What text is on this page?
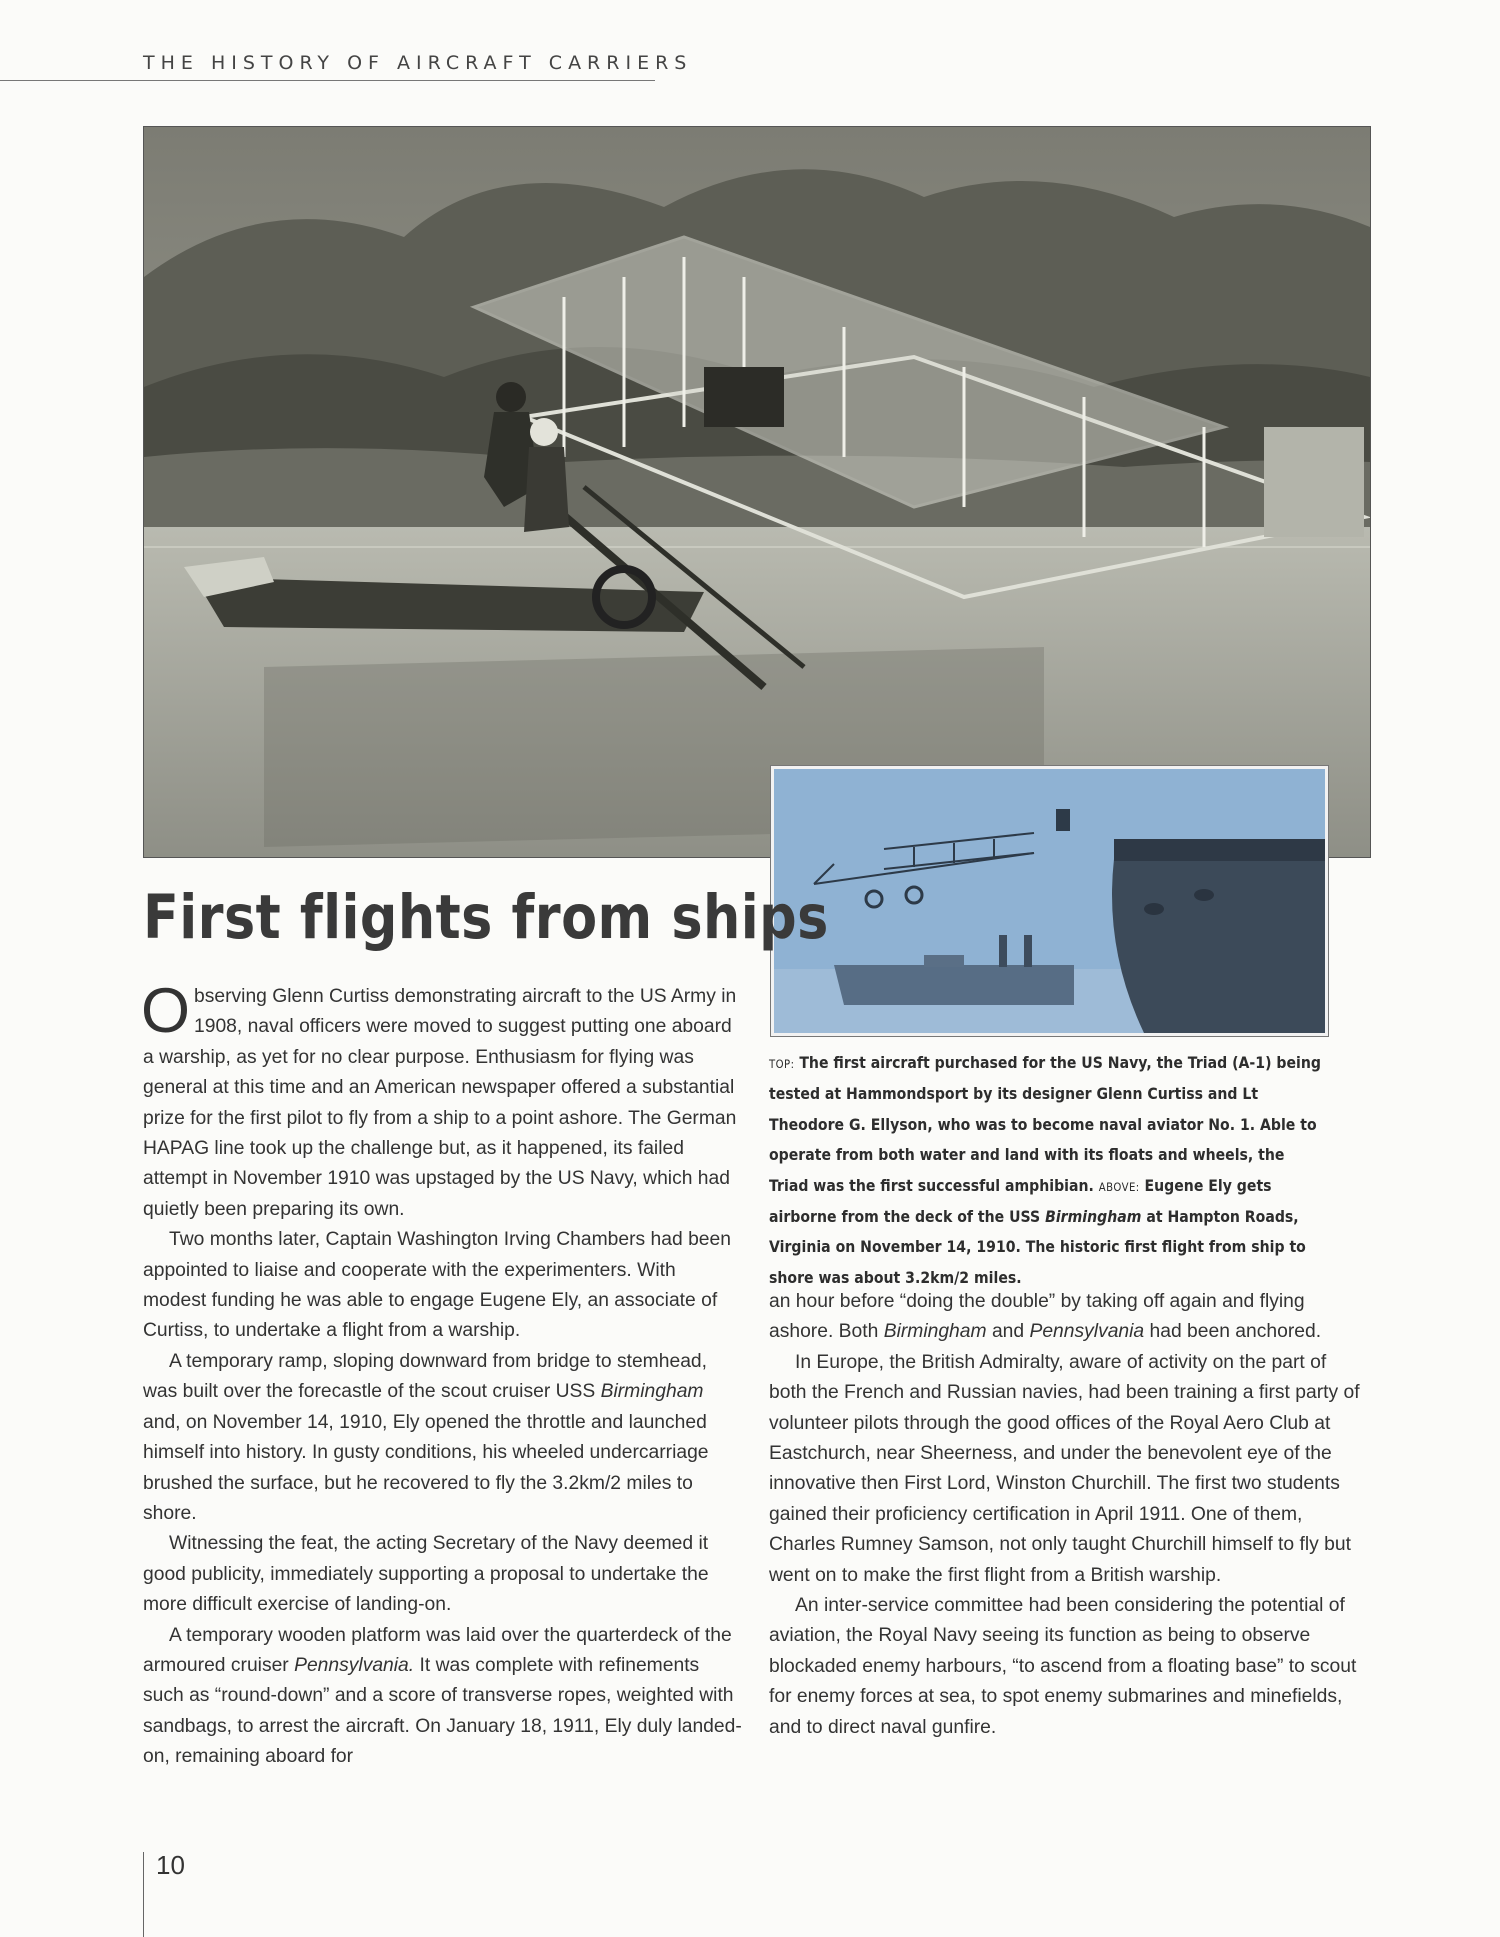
THE HISTORY OF AIRCRAFT CARRIERS
First flights from ships

Observing Glenn Curtiss demonstrating aircraft to the US Army in 1908, naval officers were moved to suggest putting one aboard a warship, as yet for no clear purpose. Enthusiasm for flying was general at this time and an American newspaper offered a substantial prize for the first pilot to fly from a ship to a point ashore. The German HAPAG line took up the challenge but, as it happened, its failed attempt in November 1910 was upstaged by the US Navy, which had quietly been preparing its own.

Two months later, Captain Washington Irving Chambers had been appointed to liaise and cooperate with the experimenters. With modest funding he was able to engage Eugene Ely, an associate of Curtiss, to undertake a flight from a warship.

A temporary ramp, sloping downward from bridge to stemhead, was built over the forecastle of the scout cruiser USS Birmingham and, on November 14, 1910, Ely opened the throttle and launched himself into history. In gusty conditions, his wheeled undercarriage brushed the surface, but he recovered to fly the 3.2km/2 miles to shore.

Witnessing the feat, the acting Secretary of the Navy deemed it good publicity, immediately supporting a proposal to undertake the more difficult exercise of landing-on.

A temporary wooden platform was laid over the quarterdeck of the armoured cruiser Pennsylvania. It was complete with refinements such as “round-down” and a score of transverse ropes, weighted with sandbags, to arrest the aircraft. On January 18, 1911, Ely duly landed-on, remaining aboard for

TOP: The first aircraft purchased for the US Navy, the Triad (A-1) being tested at Hammondsport by its designer Glenn Curtiss and Lt Theodore G. Ellyson, who was to become naval aviator No. 1. Able to operate from both water and land with its floats and wheels, the Triad was the first successful amphibian. ABOVE: Eugene Ely gets airborne from the deck of the USS Birmingham at Hampton Roads, Virginia on November 14, 1910. The historic first flight from ship to shore was about 3.2km/2 miles.

an hour before “doing the double” by taking off again and flying ashore. Both Birmingham and Pennsylvania had been anchored.

In Europe, the British Admiralty, aware of activity on the part of both the French and Russian navies, had been training a first party of volunteer pilots through the good offices of the Royal Aero Club at Eastchurch, near Sheerness, and under the benevolent eye of the innovative then First Lord, Winston Churchill. The first two students gained their proficiency certification in April 1911. One of them, Charles Rumney Samson, not only taught Churchill himself to fly but went on to make the first flight from a British warship.

An inter-service committee had been considering the potential of aviation, the Royal Navy seeing its function as being to observe blockaded enemy harbours, “to ascend from a floating base” to scout for enemy forces at sea, to spot enemy submarines and minefields, and to direct naval gunfire.

10
